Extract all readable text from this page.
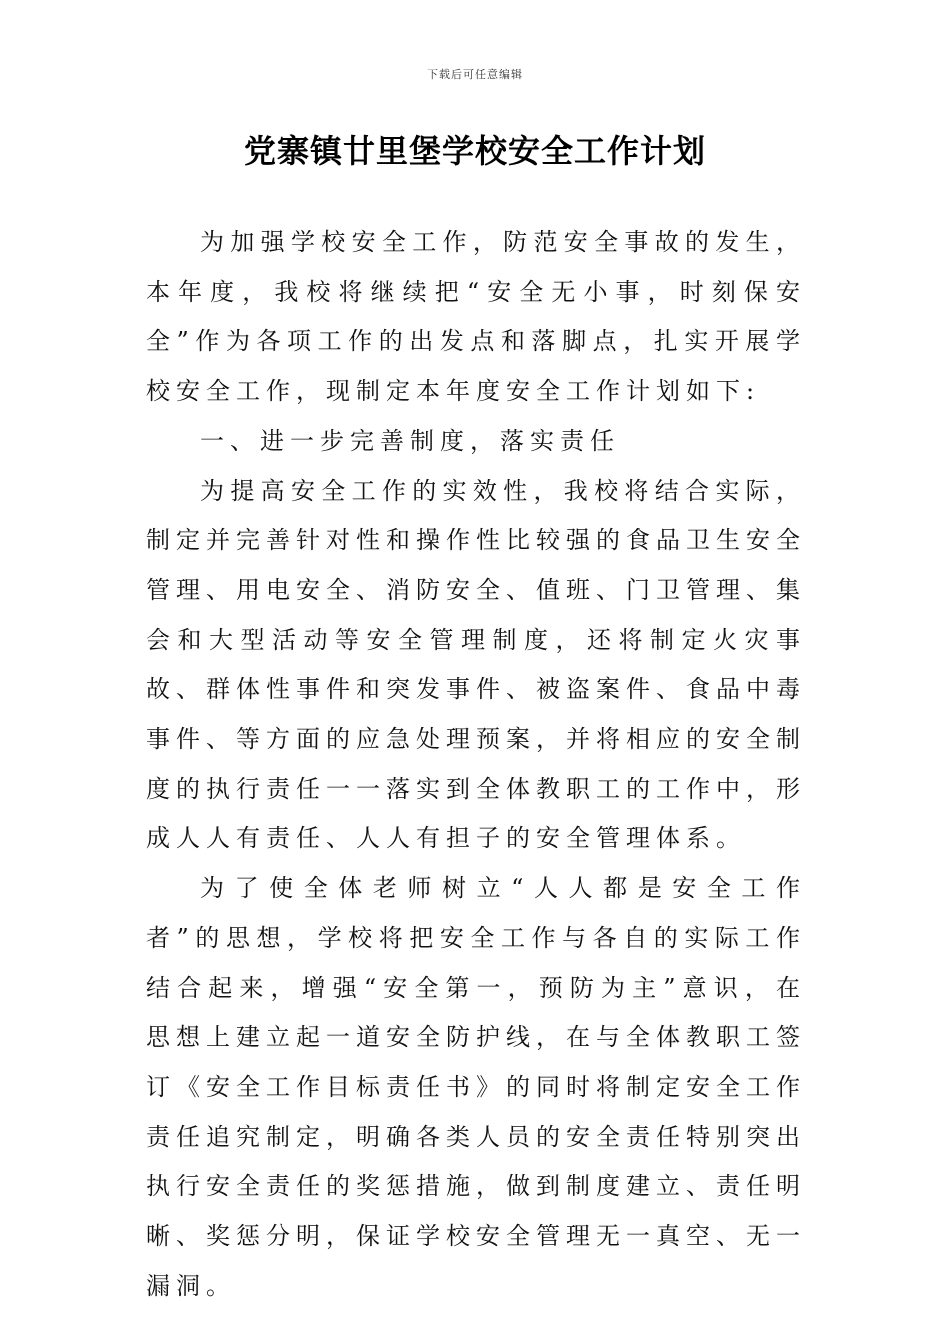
下载后可任意编辑
党寨镇廿里堡学校安全工作计划

为加强学校安全工作，防范安全事故的发生，本年度，我校将继续把“安全无小事，时刻保安全”作为各项工作的出发点和落脚点，扎实开展学校安全工作，现制定本年度安全工作计划如下:

一、进一步完善制度，落实责任

为提高安全工作的实效性，我校将结合实际，制定并完善针对性和操作性比较强的食品卫生安全管理、用电安全、消防安全、值班、门卫管理、集会和大型活动等安全管理制度，还将制定火灾事故、群体性事件和突发事件、被盗案件、食品中毒事件、等方面的应急处理预案，并将相应的安全制度的执行责任一一落实到全体教职工的工作中，形成人人有责任、人人有担子的安全管理体系。

为了使全体老师树立“人人都是安全工作者”的思想，学校将把安全工作与各自的实际工作结合起来，增强“安全第一，预防为主”意识，在思想上建立起一道安全防护线，在与全体教职工签订《安全工作目标责任书》的同时将制定安全工作责任追究制定，明确各类人员的安全责任特别突出执行安全责任的奖惩措施，做到制度建立、责任明晰、奖惩分明，保证学校安全管理无一真空、无一漏洞。
